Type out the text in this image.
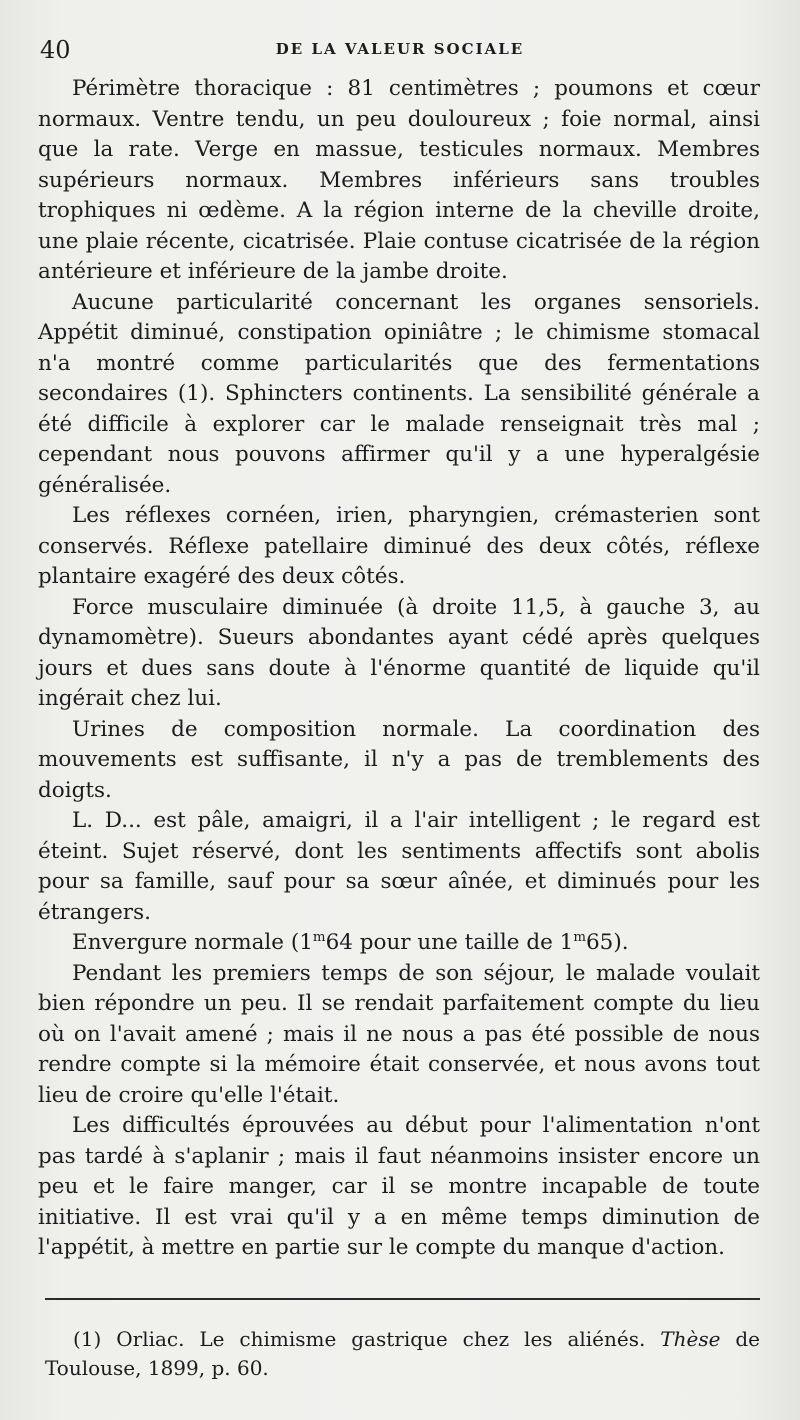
40	DE LA VALEUR SOCIALE

Périmètre thoracique : 81 centimètres ; poumons et cœur normaux. Ventre tendu, un peu douloureux ; foie normal, ainsi que la rate. Verge en massue, testicules normaux. Membres supérieurs normaux. Membres inférieurs sans troubles trophiques ni œdème. A la région interne de la cheville droite, une plaie récente, cicatrisée. Plaie contuse cicatrisée de la région antérieure et inférieure de la jambe droite.

Aucune particularité concernant les organes sensoriels. Appétit diminué, constipation opiniâtre ; le chimisme stomacal n'a montré comme particularités que des fermentations secondaires (1). Sphincters continents. La sensibilité générale a été difficile à explorer car le malade renseignait très mal ; cependant nous pouvons affirmer qu'il y a une hyperalgésie généralisée.

Les réflexes cornéen, irien, pharyngien, crémasterien sont conservés. Réflexe patellaire diminué des deux côtés, réflexe plantaire exagéré des deux côtés.

Force musculaire diminuée (à droite 11,5, à gauche 3, au dynamomètre). Sueurs abondantes ayant cédé après quelques jours et dues sans doute à l'énorme quantité de liquide qu'il ingérait chez lui.

Urines de composition normale. La coordination des mouvements est suffisante, il n'y a pas de tremblements des doigts.

L. D... est pâle, amaigri, il a l'air intelligent ; le regard est éteint. Sujet réservé, dont les sentiments affectifs sont abolis pour sa famille, sauf pour sa sœur aînée, et diminués pour les étrangers.

Envergure normale (1$^m$64 pour une taille de 1$^m$65).

Pendant les premiers temps de son séjour, le malade voulait bien répondre un peu. Il se rendait parfaitement compte du lieu où on l'avait amené ; mais il ne nous a pas été possible de nous rendre compte si la mémoire était conservée, et nous avons tout lieu de croire qu'elle l'était.

Les difficultés éprouvées au début pour l'alimentation n'ont pas tardé à s'aplanir ; mais il faut néanmoins insister encore un peu et le faire manger, car il se montre incapable de toute initiative. Il est vrai qu'il y a en même temps diminution de l'appétit, à mettre en partie sur le compte du manque d'action.

(1) Orliac. Le chimisme gastrique chez les aliénés. Thèse de Toulouse, 1899, p. 60.
